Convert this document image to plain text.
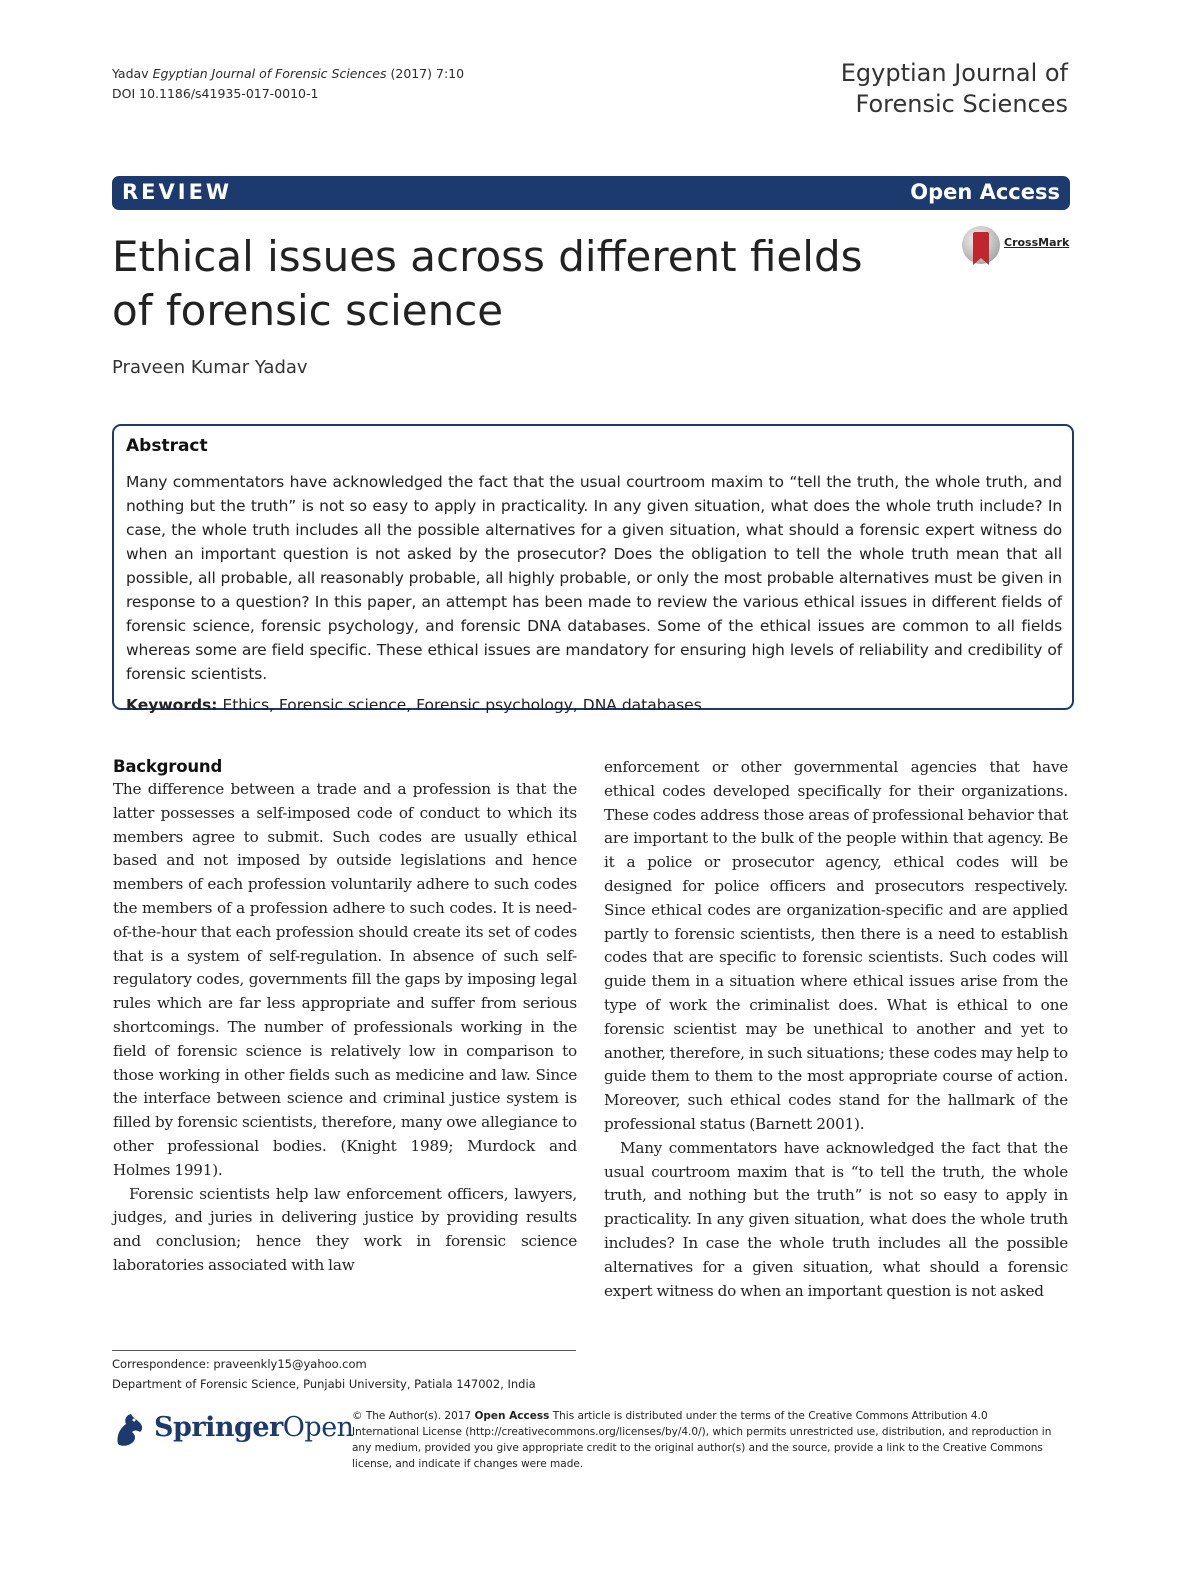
Yadav Egyptian Journal of Forensic Sciences (2017) 7:10
DOI 10.1186/s41935-017-0010-1
Egyptian Journal of
Forensic Sciences
REVIEW	Open Access
Ethical issues across different fields of forensic science
CrossMark
Praveen Kumar Yadav
Abstract
Many commentators have acknowledged the fact that the usual courtroom maxim to “tell the truth, the whole truth, and nothing but the truth” is not so easy to apply in practicality. In any given situation, what does the whole truth include? In case, the whole truth includes all the possible alternatives for a given situation, what should a forensic expert witness do when an important question is not asked by the prosecutor? Does the obligation to tell the whole truth mean that all possible, all probable, all reasonably probable, all highly probable, or only the most probable alternatives must be given in response to a question? In this paper, an attempt has been made to review the various ethical issues in different fields of forensic science, forensic psychology, and forensic DNA databases. Some of the ethical issues are common to all fields whereas some are field specific. These ethical issues are mandatory for ensuring high levels of reliability and credibility of forensic scientists.
Keywords: Ethics, Forensic science, Forensic psychology, DNA databases
Background

The difference between a trade and a profession is that the latter possesses a self-imposed code of conduct to which its members agree to submit. Such codes are usually ethical based and not imposed by outside legislations and hence members of each profession voluntarily adhere to such codes the members of a profession adhere to such codes. It is need-of-the-hour that each profession should create its set of codes that is a system of self-regulation. In absence of such self-regulatory codes, governments fill the gaps by imposing legal rules which are far less appropriate and suffer from serious shortcomings. The number of professionals working in the field of forensic science is relatively low in comparison to those working in other fields such as medicine and law. Since the interface between science and criminal justice system is filled by forensic scientists, therefore, many owe allegiance to other professional bodies. (Knight 1989; Murdock and Holmes 1991).

Forensic scientists help law enforcement officers, lawyers, judges, and juries in delivering justice by providing results and conclusion; hence they work in forensic science laboratories associated with law

enforcement or other governmental agencies that have ethical codes developed specifically for their organizations. These codes address those areas of professional behavior that are important to the bulk of the people within that agency. Be it a police or prosecutor agency, ethical codes will be designed for police officers and prosecutors respectively. Since ethical codes are organization-specific and are applied partly to forensic scientists, then there is a need to establish codes that are specific to forensic scientists. Such codes will guide them in a situation where ethical issues arise from the type of work the criminalist does. What is ethical to one forensic scientist may be unethical to another and yet to another, therefore, in such situations; these codes may help to guide them to them to the most appropriate course of action. Moreover, such ethical codes stand for the hallmark of the professional status (Barnett 2001).

Many commentators have acknowledged the fact that the usual courtroom maxim that is “to tell the truth, the whole truth, and nothing but the truth” is not so easy to apply in practicality. In any given situation, what does the whole truth includes? In case the whole truth includes all the possible alternatives for a given situation, what should a forensic expert witness do when an important question is not asked

Correspondence: praveenkly15@yahoo.com
Department of Forensic Science, Punjabi University, Patiala 147002, India
SpringerOpen
© The Author(s). 2017 Open Access This article is distributed under the terms of the Creative Commons Attribution 4.0 International License (http://creativecommons.org/licenses/by/4.0/), which permits unrestricted use, distribution, and reproduction in any medium, provided you give appropriate credit to the original author(s) and the source, provide a link to the Creative Commons license, and indicate if changes were made.
